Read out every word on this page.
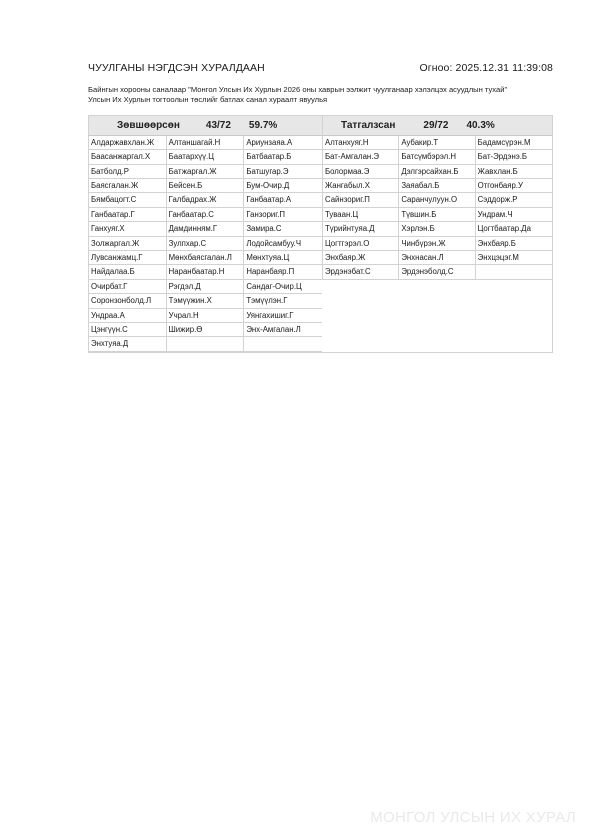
ЧУУЛГАНЫ НЭГДСЭН ХУРАЛДААН	Огноо: 2025.12.31 11:39:08
Байнгын хорооны саналаар "Монгол Улсын Их Хурлын 2026 оны хаврын ээлжит чуулганаар хэлэлцэх асуудлын тухай"
Улсын Их Хурлын тогтоолын төслийг батлах санал хураалт явуулья
Зөвшөөрсөн	43/72 59.7%
Алдаржавхлан.Ж	Алтаншагай.Н	Ариунзаяа.А
Баасанжаргал.Х	Баатархүү.Ц	Батбаатар.Б
Батболд.Р	Батжаргал.Ж	Батшугар.Э
Баясгалан.Ж	Бейсен.Б	Бум-Очир.Д
Бямбацогт.С	Галбадрах.Ж	Ганбаатар.А
Ганбаатар.Г	Ганбаатар.С	Ганзориг.П
Ганхуяг.Х	Дамдинням.Г	Замира.С
Золжаргал.Ж	Зулпхар.С	Лодойсамбуу.Ч
Лувсанжамц.Г	Мөнхбаясгалан.Л	Мөнхтуяа.Ц
Найдалаа.Б	Наранбаатар.Н	Наранбаяр.П
Очирбат.Г	Рэгдэл.Д	Сандаг-Очир.Ц
Соронзонболд.Л	Тэмүүжин.Х	Тэмүүлэн.Г
Ундраа.А	Учрал.Н	Уянгахишиг.Г
Цэнгүүн.С	Шижир.Ө	Энх-Амгалан.Л
Энхтуяа.Д
Татгалзсан	29/72 40.3%
Алтанхуяг.Н	Аубакир.Т	Бадамсүрэн.М
Бат-Амгалан.Э	Батсүмбэрэл.Н	Бат-Эрдэнэ.Б
Болормаа.Э	Дэлгэрсайхан.Б	Жавхлан.Б
Жангабыл.Х	Заяабал.Б	Отгонбаяр.У
Сайнзориг.П	Саранчулуун.О	Сэддорж.Р
Туваан.Ц	Түвшин.Б	Ундрам.Ч
Түрийнтуяа.Д	Хэрлэн.Б	Цогтбаатар.Да
Цогтгэрэл.О	Чинбүрэн.Ж	Энхбаяр.Б
Энхбаяр.Ж	Энхнасан.Л	Энхцэцэг.М
Эрдэнэбат.С	Эрдэнэболд.С
МОНГОЛ УЛСЫН ИХ ХУРАЛ
